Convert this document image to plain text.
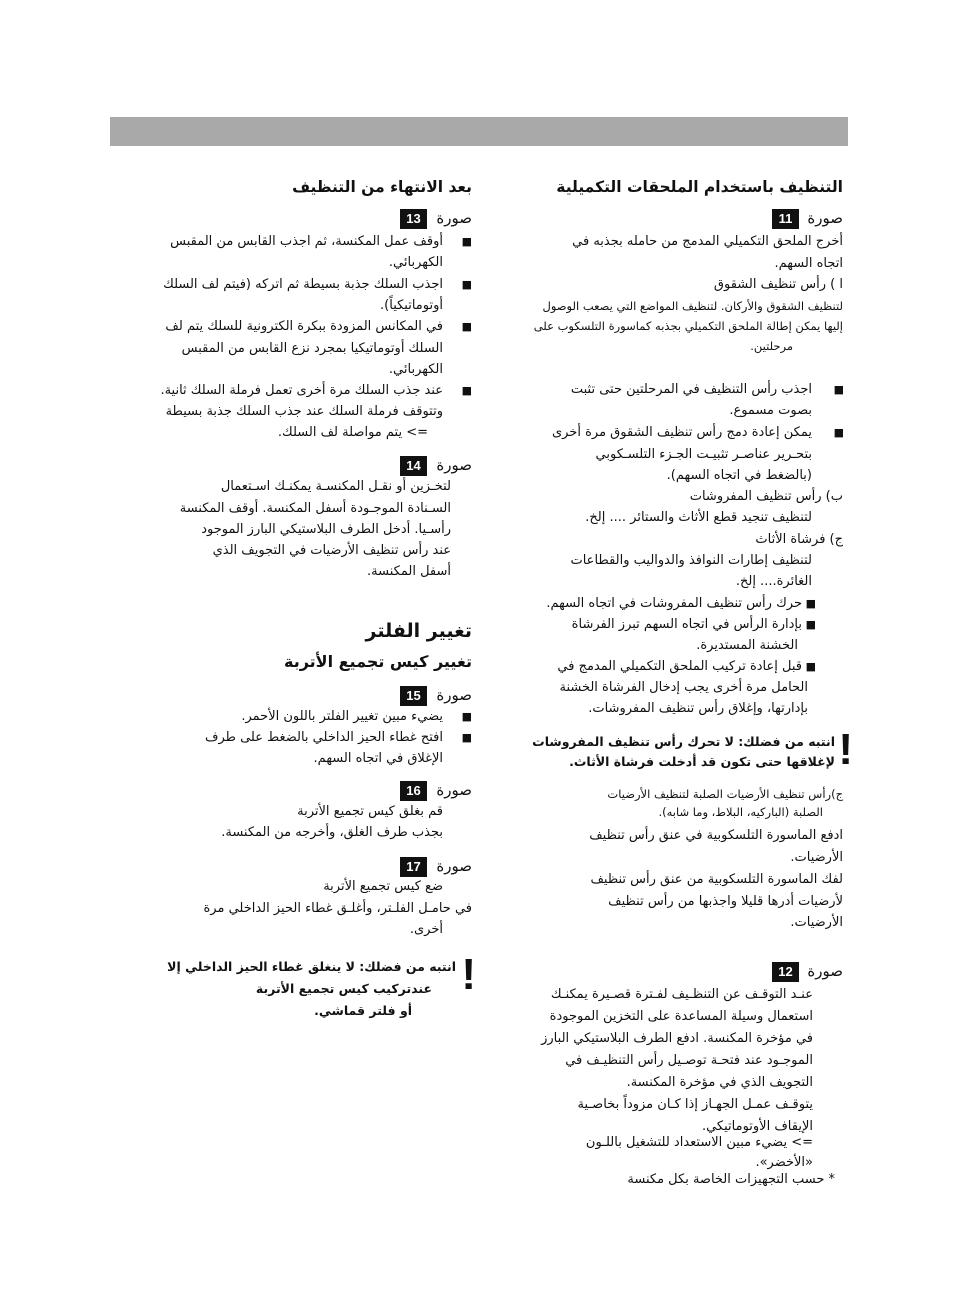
التنظيف باستخدام الملحقات التكميلية
صورة
11
أخرج الملحق التكميلي المدمج من حامله بجذبه في
اتجاه السهم.
ا ) رأس تنظيف الشقوق
لتنظيف الشقوق والأركان. لتنظيف المواضع التي يصعب الوصول
إليها يمكن إطالة الملحق التكميلي بجذبه كماسورة التلسكوب على
مرحلتين.
■
اجذب رأس التنظيف في المرحلتين حتى تثبت
بصوت مسموع.
■
يمكن إعادة دمج رأس تنظيف الشقوق مرة أخرى
بتحـرير عناصـر تثبيـت الجـزء التلسـكوبي
(بالضغط في اتجاه السهم).
ب) رأس تنظيف المفروشات
لتنظيف تنجيد قطع الأثاث والستائر .... إلخ.
ج) فرشاة الأثاث
لتنظيف إطارات النوافذ والدواليب والقطاعات
الغائرة.... إلخ.
■
حرك رأس تنظيف المفروشات في اتجاه السهم.
■
بإدارة الرأس في اتجاه السهم تبرز الفرشاة
الخشنة المستديرة.
■
قبل إعادة تركيب الملحق التكميلي المدمج في
الحامل مرة أخرى يجب إدخال الفرشاة الخشنة
بإدارتها، وإغلاق رأس تنظيف المفروشات.
!
انتبه من فضلك: لا تحرك رأس تنظيف المفروشات
لإغلاقها حتى تكون قد أدخلت فرشاة الأثاث.
ج)رأس تنظيف الأرضيات الصلبة لتنظيف الأرضيات
الصلبة (الباركيه، البلاط، وما شابه).
ادفع الماسورة التلسكوبية في عنق رأس تنظيف
الأرضيات.
لفك الماسورة التلسكوبية من عنق رأس تنظيف
لأرضيات أدرها قليلا واجذبها من رأس تنظيف
الأرضيات.
صورة
12
عنـد التوقـف عن التنظـيف لفـترة قصـيرة يمكنـك
استعمال وسيلة المساعدة على التخزين الموجودة
في مؤخرة المكنسة. ادفع الطرف البلاستيكي البارز
الموجـود عند فتحـة توصـيل رأس التنظيـف في
التجويف الذي في مؤخرة المكنسة.
يتوقـف عمـل الجهـاز إذا كـان مزوداً بخاصـية
الإيقاف الأوتوماتيكي.
=> يضيء مبين الاستعداد للتشغيل باللـون
«الأخضر».
* حسب التجهيزات الخاصة بكل مكنسة
بعد الانتهاء من التنظيف
صورة
13
■
أوقف عمل المكنسة، ثم اجذب القابس من المقبس
الكهربائي.
■
اجذب السلك جذبة بسيطة ثم اتركه (فيتم لف السلك
أوتوماتيكياً).
■
في المكانس المزودة ببكرة الكترونية للسلك يتم لف
السلك أوتوماتيكيا بمجرد نزع القابس من المقبس
الكهربائي.
■
عند جذب السلك مرة أخرى تعمل فرملة السلك ثانية.
وتتوقف فرملة السلك عند جذب السلك جذبة بسيطة
=> يتم مواصلة لف السلك.
صورة
14
لتخـزين أو نقـل المكنسـة يمكنـك اسـتعمال
السـنادة الموجـودة أسفل المكنسة. أوقف المكنسة
رأسـيا. أدخل الطرف البلاستيكي البارز الموجود
عند رأس تنظيف الأرضيات في التجويف الذي
أسفل المكنسة.
تغيير الفلتر
تغيير كيس تجميع الأتربة
صورة
15
■
يضيء مبين تغيير الفلتر باللون الأحمر.
■
افتح غطاء الحيز الداخلي بالضغط على طرف
الإغلاق في اتجاه السهم.
صورة
16
قم بغلق كيس تجميع الأتربة
بجذب طرف الغلق، وأخرجه من المكنسة.
صورة
17
ضع كيس تجميع الأتربة
في حامـل الفلـتر، وأغلـق غطاء الحيز الداخلي مرة
أخرى.
!
انتبه من فضلك: لا ينغلق غطاء الحيز الداخلي إلا
عندتركيب كيس تجميع الأتربة
أو فلتر قماشي.
